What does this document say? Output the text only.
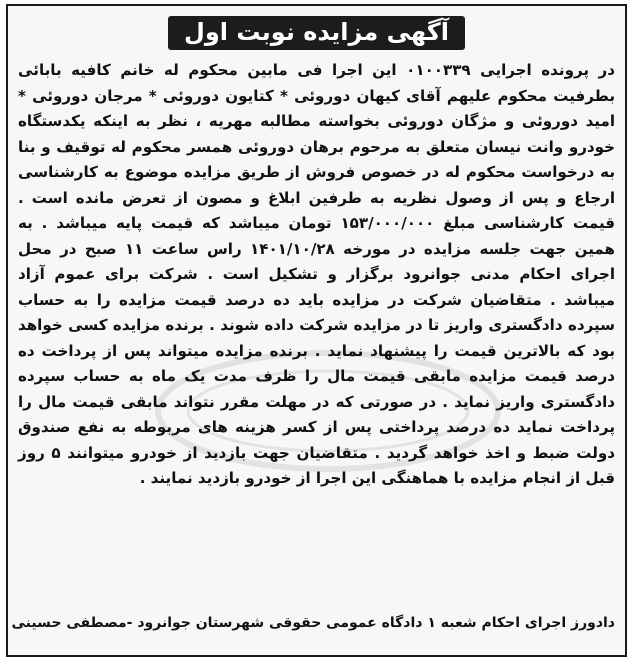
آگهی مزایده نوبت اول

در پرونده اجرایی ۰۱۰۰۳۳۹ این اجرا فی مابین محکوم له خانم کافیه بابائی بطرفیت محکوم علیهم آقای کیهان دوروئی * کتایون دوروئی * مرجان دوروئی * امید دوروئی و مژگان دوروئی بخواسته مطالبه مهریه ، نظر به اینکه یکدستگاه خودرو وانت نیسان متعلق به مرحوم برهان دوروئی همسر محکوم له توقیف و بنا به درخواست محکوم له در خصوص فروش از طریق مزایده موضوع به کارشناسی ارجاع و پس از وصول نظریه به طرفین ابلاغ و مصون از تعرض مانده است . قیمت کارشناسی مبلغ ۱۵۳/۰۰۰/۰۰۰ تومان میباشد که قیمت پایه میباشد . به همین جهت جلسه مزایده در مورخه ۱۴۰۱/۱۰/۲۸ راس ساعت ۱۱ صبح در محل اجرای احکام مدنی جوانرود برگزار و تشکیل است . شرکت برای عموم آزاد میباشد . متقاضیان شرکت در مزایده باید ده درصد قیمت مزایده را به حساب سپرده دادگستری واریز تا در مزایده شرکت داده شوند . برنده مزایده کسی خواهد بود که بالاترین قیمت را پیشنهاد نماید . برنده مزایده میتواند پس از پرداخت ده درصد قیمت مزایده مابقی قیمت مال را ظرف مدت یک ماه به حساب سپرده دادگستری واریز نماید . در صورتی که در مهلت مقرر نتواند مابقی قیمت مال را پرداخت نماید ده درصد پرداختی پس از کسر هزینه های مربوطه به نفع صندوق دولت ضبط و اخذ خواهد گردید . متقاضیان جهت بازدید از خودرو میتوانند ۵ روز قبل از انجام مزایده با هماهنگی این اجرا از خودرو بازدید نمایند .

دادورز اجرای احکام شعبه ۱ دادگاه عمومی حقوقی شهرستان جوانرود -مصطفی حسینی
